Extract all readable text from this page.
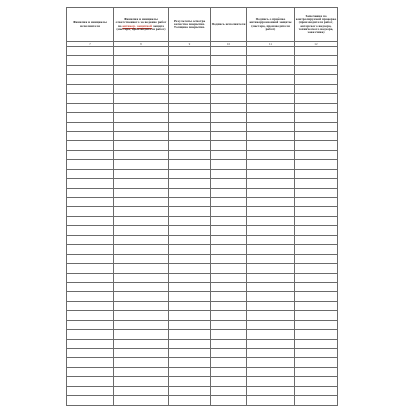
Фамилия и инициалы исполнителя	Фамилия и инициалы ответственного за ведение работ по антикор. защитной защите (мастера, производителя работ)	Результаты осмотра качества покрытия. Толщина покрытия.	Подпись исполнителя	Подпись о приёмке антикоррозионной защиты (мастера, производителя работ)	Замечания по контролируемой проверке (производителя работ, авторского надзора, технического надзора, заказчика)
7	8	9	10	11	12
